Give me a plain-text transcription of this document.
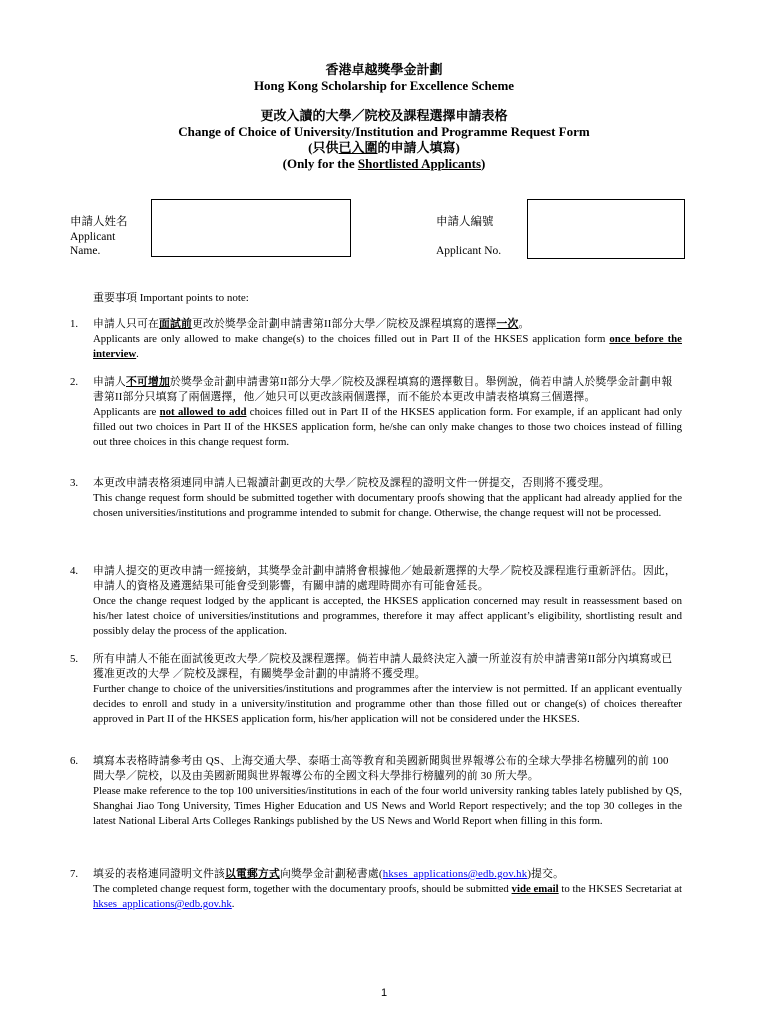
香港卓越獎學金計劃
Hong Kong Scholarship for Excellence Scheme
更改入讀的大學／院校及課程選擇申請表格
Change of Choice of University/Institution and Programme Request Form
(只供已入圍的申請人填寫)
(Only for the Shortlisted Applicants)
申請人姓名
Applicant
Name.
申請人編號
Applicant No.
重要事項 Important points to note:
1. 申請人只可在面試前更改於獎學金計劃申請書第II部分大學／院校及課程填寫的選擇一次。
Applicants are only allowed to make change(s) to the choices filled out in Part II of the HKSES application form once before the interview.
2. 申請人不可增加於獎學金計劃申請書第II部分大學／院校及課程填寫的選擇數目。舉例說，倘若申請人於獎學金計劃申報書第II部分只填寫了兩個選擇，他／她只可以更改該兩個選擇，而不能於本更改申請表格填寫三個選擇。
Applicants are not allowed to add choices filled out in Part II of the HKSES application form. For example, if an applicant had only filled out two choices in Part II of the HKSES application form, he/she can only make changes to those two choices instead of filling out three choices in this change request form.
3. 本更改申請表格須連同申請人已報讀計劃更改的大學／院校及課程的證明文件一併提交，否則將不獲受理。
This change request form should be submitted together with documentary proofs showing that the applicant had already applied for the chosen universities/institutions and programme intended to submit for change. Otherwise, the change request will not be processed.
4. 申請人提交的更改申請一經接納，其獎學金計劃申請將會根據他／她最新選擇的大學／院校及課程進行重新評估。因此，申請人的資格及遴選結果可能會受到影響，有關申請的處理時間亦有可能會延長。
Once the change request lodged by the applicant is accepted, the HKSES application concerned may result in reassessment based on his/her latest choice of universities/institutions and programmes, therefore it may affect applicant’s eligibility, shortlisting result and possibly delay the process of the application.
5. 所有申請人不能在面試後更改大學／院校及課程選擇。倘若申請人最終決定入讀一所並沒有於申請書第II部分內填寫或已獲准更改的大學 ／院校及課程，有關獎學金計劃的申請將不獲受理。
Further change to choice of the universities/institutions and programmes after the interview is not permitted. If an applicant eventually decides to enroll and study in a university/institution and programme other than those filled out or change(s) of choices thereafter approved in Part II of the HKSES application form, his/her application will not be considered under the HKSES.
6. 填寫本表格時請參考由 QS、上海交通大學、泰晤士高等教育和美國新聞與世界報導公布的全球大學排名榜臚列的前 100 間大學／院校，以及由美國新聞與世界報導公布的全國文科大學排行榜臚列的前 30 所大學。
Please make reference to the top 100 universities/institutions in each of the four world university ranking tables lately published by QS, Shanghai Jiao Tong University, Times Higher Education and US News and World Report respectively; and the top 30 colleges in the latest National Liberal Arts Colleges Rankings published by the US News and World Report when filling in this form.
7. 填妥的表格連同證明文件該以電郵方式向獎學金計劃秘書處(hkses_applications@edb.gov.hk)提交。
The completed change request form, together with the documentary proofs, should be submitted vide email to the HKSES Secretariat at hkses_applications@edb.gov.hk.
1
